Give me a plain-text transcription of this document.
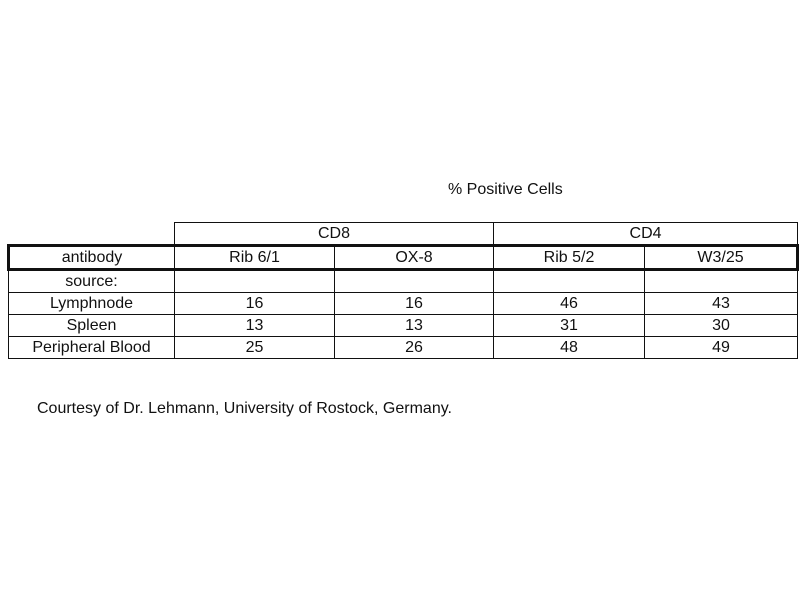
% Positive Cells
	CD8		CD4	
antibody	Rib 6/1	OX-8	Rib 5/2	W3/25
source:				
Lymphnode	16	16	46	43
Spleen	13	13	31	30
Peripheral Blood	25	26	48	49
Courtesy of Dr. Lehmann, University of Rostock, Germany.
